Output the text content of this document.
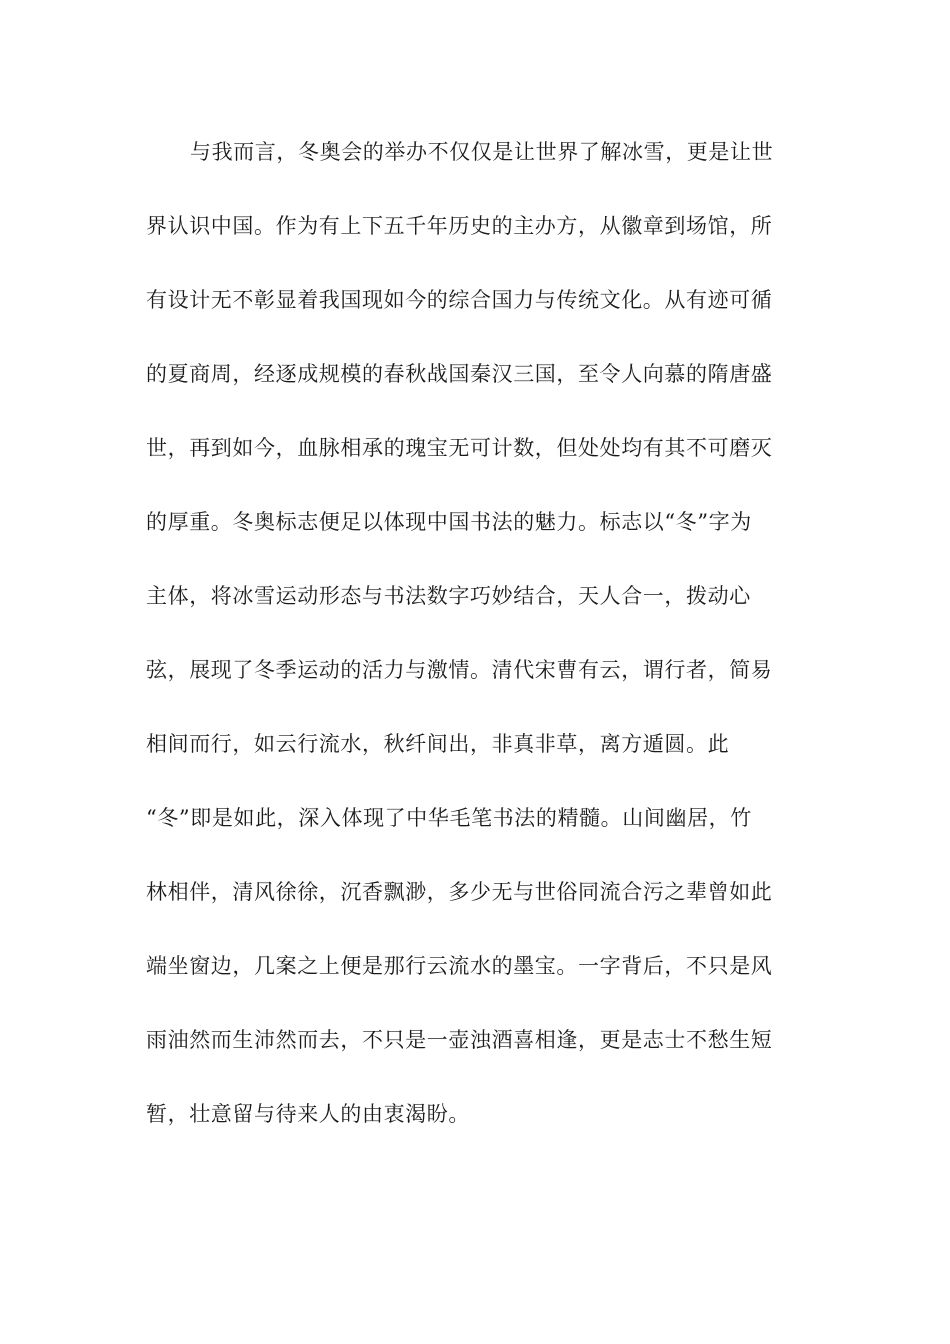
与我而言，冬奥会的举办不仅仅是让世界了解冰雪，更是让世
界认识中国。作为有上下五千年历史的主办方，从徽章到场馆，所
有设计无不彰显着我国现如今的综合国力与传统文化。从有迹可循
的夏商周，经逐成规模的春秋战国秦汉三国，至令人向慕的隋唐盛
世，再到如今，血脉相承的瑰宝无可计数，但处处均有其不可磨灭
的厚重。冬奥标志便足以体现中国书法的魅力。标志以“冬”字为
主体，将冰雪运动形态与书法数字巧妙结合，天人合一，拨动心
弦，展现了冬季运动的活力与激情。清代宋曹有云，谓行者，简易
相间而行，如云行流水，秋纤间出，非真非草，离方遁圆。此
“冬”即是如此，深入体现了中华毛笔书法的精髓。山间幽居，竹
林相伴，清风徐徐，沉香飘渺，多少无与世俗同流合污之辈曾如此
端坐窗边，几案之上便是那行云流水的墨宝。一字背后，不只是风
雨油然而生沛然而去，不只是一壶浊酒喜相逢，更是志士不愁生短
暂，壮意留与待来人的由衷渴盼。
